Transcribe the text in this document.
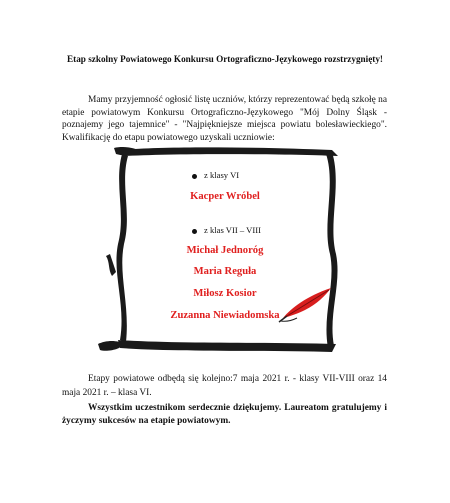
Etap szkolny Powiatowego Konkursu Ortograficzno-Językowego rozstrzygnięty!
Mamy przyjemność ogłosić listę uczniów, którzy reprezentować będą szkołę na etapie powiatowym Konkursu Ortograficzno-Językowego "Mój Dolny Śląsk - poznajemy jego tajemnice" - "Najpiękniejsze miejsca powiatu bolesławieckiego". Kwalifikację do etapu powiatowego uzyskali uczniowie:
z klasy VI
Kacper Wróbel
z klas VII – VIII
Michał Jednoróg
Maria Reguła
Miłosz Kosior
Zuzanna Niewiadomska
Etapy powiatowe odbędą się kolejno:7 maja 2021 r. - klasy VII-VIII oraz 14 maja 2021 r. – klasa VI.
Wszystkim uczestnikom serdecznie dziękujemy. Laureatom gratulujemy i życzymy sukcesów na etapie powiatowym.
